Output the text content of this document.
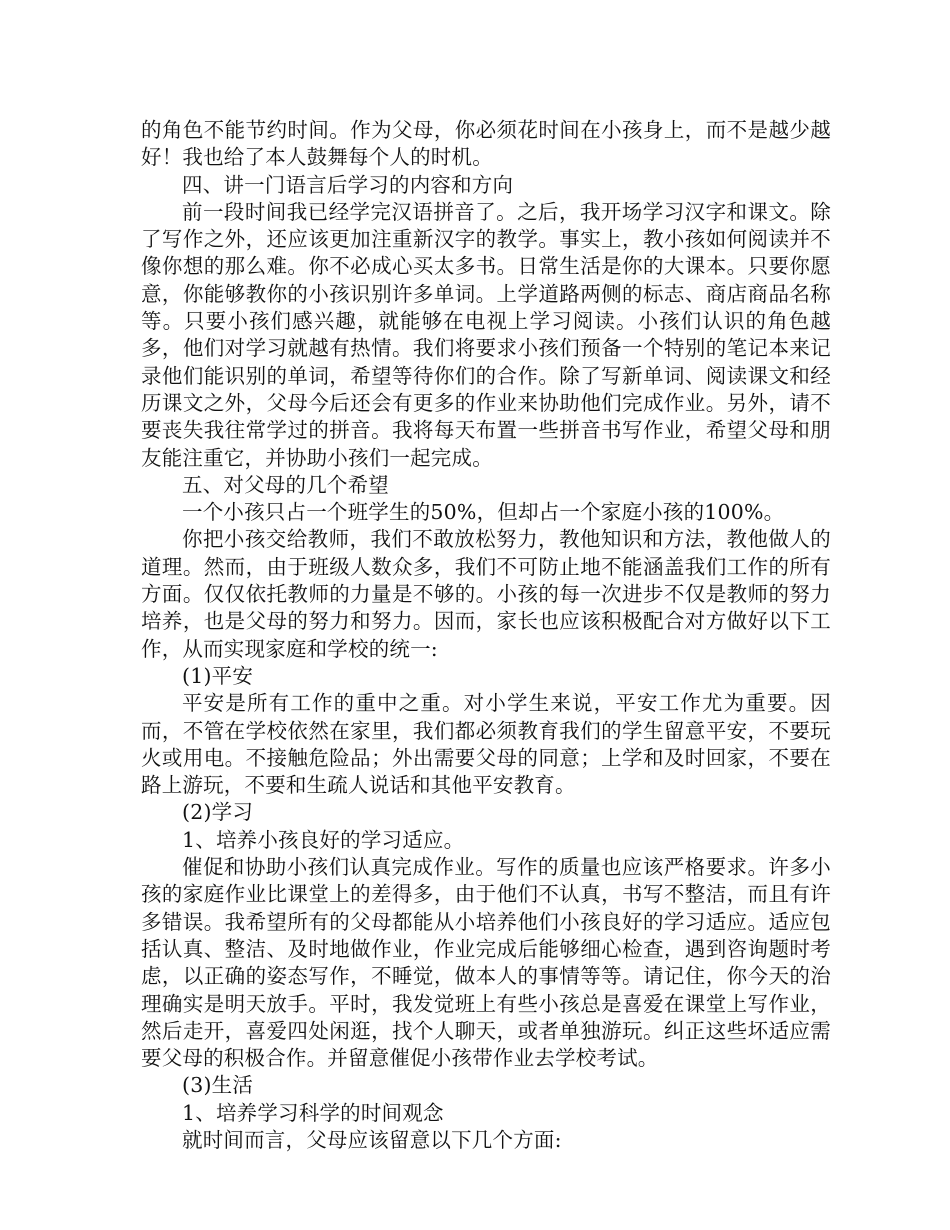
的角色不能节约时间。作为父母，你必须花时间在小孩身上，而不是越少越好！我也给了本人鼓舞每个人的时机。

四、讲一门语言后学习的内容和方向

前一段时间我已经学完汉语拼音了。之后，我开场学习汉字和课文。除了写作之外，还应该更加注重新汉字的教学。事实上，教小孩如何阅读并不像你想的那么难。你不必成心买太多书。日常生活是你的大课本。只要你愿意，你能够教你的小孩识别许多单词。上学道路两侧的标志、商店商品名称等。只要小孩们感兴趣，就能够在电视上学习阅读。小孩们认识的角色越多，他们对学习就越有热情。我们将要求小孩们预备一个特别的笔记本来记录他们能识别的单词，希望等待你们的合作。除了写新单词、阅读课文和经历课文之外，父母今后还会有更多的作业来协助他们完成作业。另外，请不要丧失我往常学过的拼音。我将每天布置一些拼音书写作业，希望父母和朋友能注重它，并协助小孩们一起完成。

五、对父母的几个希望

一个小孩只占一个班学生的50%，但却占一个家庭小孩的100%。

你把小孩交给教师，我们不敢放松努力，教他知识和方法，教他做人的道理。然而，由于班级人数众多，我们不可防止地不能涵盖我们工作的所有方面。仅仅依托教师的力量是不够的。小孩的每一次进步不仅是教师的努力培养，也是父母的努力和努力。因而，家长也应该积极配合对方做好以下工作，从而实现家庭和学校的统一:

(1)平安

平安是所有工作的重中之重。对小学生来说，平安工作尤为重要。因而，不管在学校依然在家里，我们都必须教育我们的学生留意平安，不要玩火或用电。不接触危险品；外出需要父母的同意；上学和及时回家，不要在路上游玩，不要和生疏人说话和其他平安教育。

(2)学习

1、培养小孩良好的学习适应。

催促和协助小孩们认真完成作业。写作的质量也应该严格要求。许多小孩的家庭作业比课堂上的差得多，由于他们不认真，书写不整洁，而且有许多错误。我希望所有的父母都能从小培养他们小孩良好的学习适应。适应包括认真、整洁、及时地做作业，作业完成后能够细心检查，遇到咨询题时考虑，以正确的姿态写作，不睡觉，做本人的事情等等。请记住，你今天的治理确实是明天放手。平时，我发觉班上有些小孩总是喜爱在课堂上写作业，然后走开，喜爱四处闲逛，找个人聊天，或者单独游玩。纠正这些坏适应需要父母的积极合作。并留意催促小孩带作业去学校考试。

(3)生活

1、培养学习科学的时间观念

就时间而言，父母应该留意以下几个方面:
